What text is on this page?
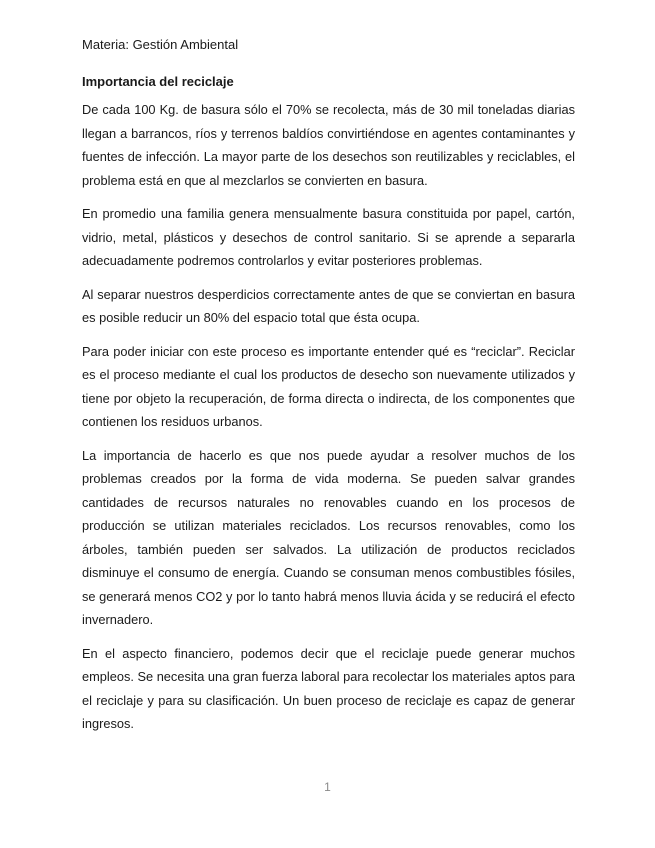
Materia: Gestión Ambiental
Importancia del reciclaje

De cada 100 Kg. de basura sólo el 70% se recolecta, más de 30 mil toneladas diarias llegan a barrancos, ríos y terrenos baldíos convirtiéndose en agentes contaminantes y fuentes de infección. La mayor parte de los desechos son reutilizables y reciclables, el problema está en que al mezclarlos se convierten en basura.

En promedio una familia genera mensualmente basura constituida por papel, cartón, vidrio, metal, plásticos y desechos de control sanitario. Si se aprende a separarla adecuadamente podremos controlarlos y evitar posteriores problemas.

Al separar nuestros desperdicios correctamente antes de que se conviertan en basura es posible reducir un 80% del espacio total que ésta ocupa.

Para poder iniciar con este proceso es importante entender qué es “reciclar”. Reciclar es el proceso mediante el cual los productos de desecho son nuevamente utilizados y tiene por objeto la recuperación, de forma directa o indirecta, de los componentes que contienen los residuos urbanos.

La importancia de hacerlo es que nos puede ayudar a resolver muchos de los problemas creados por la forma de vida moderna. Se pueden salvar grandes cantidades de recursos naturales no renovables cuando en los procesos de producción se utilizan materiales reciclados. Los recursos renovables, como los árboles, también pueden ser salvados. La utilización de productos reciclados disminuye el consumo de energía. Cuando se consuman menos combustibles fósiles, se generará menos CO2 y por lo tanto habrá menos lluvia ácida y se reducirá el efecto invernadero.

En el aspecto financiero, podemos decir que el reciclaje puede generar muchos empleos. Se necesita una gran fuerza laboral para recolectar los materiales aptos para el reciclaje y para su clasificación. Un buen proceso de reciclaje es capaz de generar ingresos.

1
